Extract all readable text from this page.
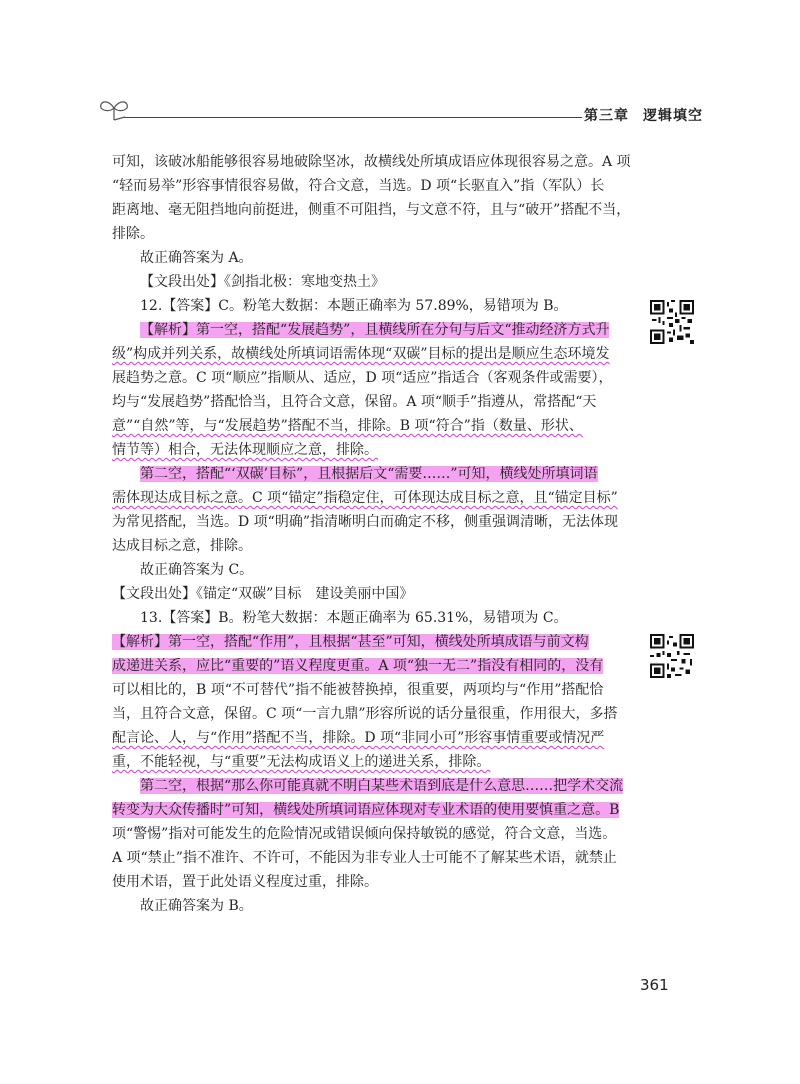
第三章 逻辑填空
可知，该破冰船能够很容易地破除坚冰，故横线处所填成语应体现很容易之意。A 项
“轻而易举”形容事情很容易做，符合文意，当选。D 项“长驱直入”指（军队）长
距离地、毫无阻挡地向前挺进，侧重不可阻挡，与文意不符，且与“破开”搭配不当，
排除。
故正确答案为 A。
【文段出处】《剑指北极：寒地变热土》
12.【答案】C。粉笔大数据：本题正确率为 57.89%，易错项为 B。
【解析】第一空，搭配“发展趋势”，且横线所在分句与后文“推动经济方式升
级”构成并列关系，故横线处所填词语需体现“双碳”目标的提出是顺应生态环境发
展趋势之意。C 项“顺应”指顺从、适应，D 项“适应”指适合（客观条件或需要），
均与“发展趋势”搭配恰当，且符合文意，保留。A 项“顺手”指遵从，常搭配“天
意”“自然”等，与“发展趋势”搭配不当，排除。B 项“符合”指（数量、形状、
情节等）相合，无法体现顺应之意，排除。
第二空，搭配“‘双碳’目标”，且根据后文“需要……”可知，横线处所填词语
需体现达成目标之意。C 项“锚定”指稳定住，可体现达成目标之意，且“锚定目标”
为常见搭配，当选。D 项“明确”指清晰明白而确定不移，侧重强调清晰，无法体现
达成目标之意，排除。
故正确答案为 C。
【文段出处】《锚定“双碳”目标　建设美丽中国》
13.【答案】B。粉笔大数据：本题正确率为 65.31%，易错项为 C。
【解析】第一空，搭配“作用”，且根据“甚至”可知，横线处所填成语与前文构
成递进关系，应比“重要的”语义程度更重。A 项“独一无二”指没有相同的，没有
可以相比的，B 项“不可替代”指不能被替换掉，很重要，两项均与“作用”搭配恰
当，且符合文意，保留。C 项“一言九鼎”形容所说的话分量很重，作用很大，多搭
配言论、人，与“作用”搭配不当，排除。D 项“非同小可”形容事情重要或情况严
重，不能轻视，与“重要”无法构成语义上的递进关系，排除。
第二空，根据“那么你可能真就不明白某些术语到底是什么意思……把学术交流
转变为大众传播时”可知，横线处所填词语应体现对专业术语的使用要慎重之意。B
项“警惕”指对可能发生的危险情况或错误倾向保持敏锐的感觉，符合文意，当选。
A 项“禁止”指不准许、不许可，不能因为非专业人士可能不了解某些术语，就禁止
使用术语，置于此处语义程度过重，排除。
故正确答案为 B。
361
